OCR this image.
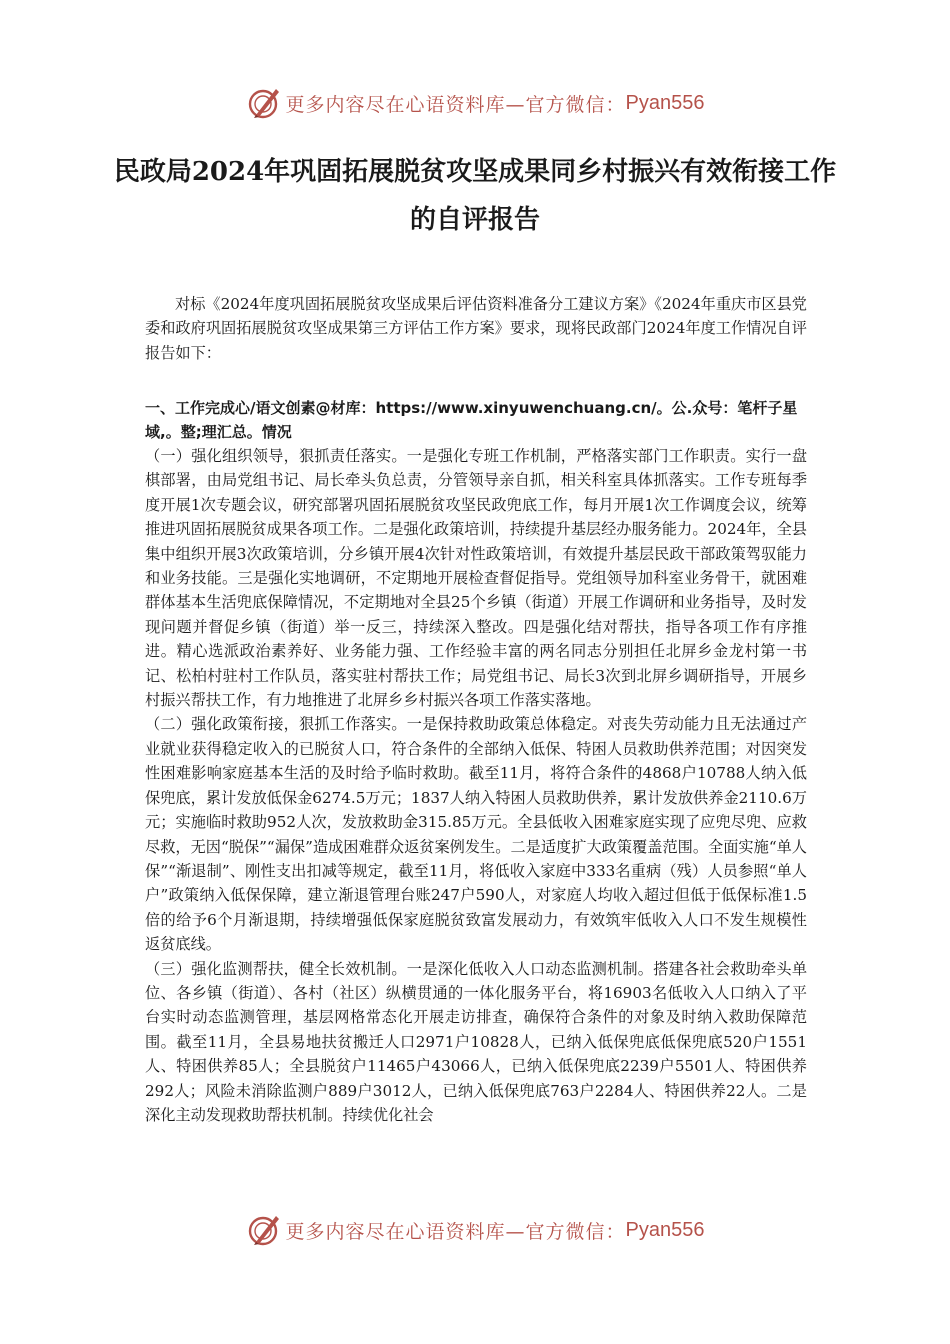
更多内容尽在心语资料库—官方微信： Pyan556
民政局2024年巩固拓展脱贫攻坚成果同乡村振兴有效衔接工作的自评报告
对标《2024年度巩固拓展脱贫攻坚成果后评估资料准备分工建议方案》《2024年重庆市区县党委和政府巩固拓展脱贫攻坚成果第三方评估工作方案》要求，现将民政部门2024年度工作情况自评报告如下：
一、工作完成心/语文创素@材库：https://www.xinyuwenchuang.cn/。公.众号：笔杆子星域,。整;理汇总。情况

（一）强化组织领导，狠抓责任落实。一是强化专班工作机制，严格落实部门工作职责。实行一盘棋部署，由局党组书记、局长牵头负总责，分管领导亲自抓，相关科室具体抓落实。工作专班每季度开展1次专题会议，研究部署巩固拓展脱贫攻坚民政兜底工作，每月开展1次工作调度会议，统筹推进巩固拓展脱贫成果各项工作。二是强化政策培训，持续提升基层经办服务能力。2024年，全县集中组织开展3次政策培训，分乡镇开展4次针对性政策培训，有效提升基层民政干部政策驾驭能力和业务技能。三是强化实地调研，不定期地开展检查督促指导。党组领导加科室业务骨干，就困难群体基本生活兜底保障情况，不定期地对全县25个乡镇（街道）开展工作调研和业务指导，及时发现问题并督促乡镇（街道）举一反三，持续深入整改。四是强化结对帮扶，指导各项工作有序推进。精心选派政治素养好、业务能力强、工作经验丰富的两名同志分别担任北屏乡金龙村第一书记、松柏村驻村工作队员，落实驻村帮扶工作；局党组书记、局长3次到北屏乡调研指导，开展乡村振兴帮扶工作，有力地推进了北屏乡乡村振兴各项工作落实落地。

（二）强化政策衔接，狠抓工作落实。一是保持救助政策总体稳定。对丧失劳动能力且无法通过产业就业获得稳定收入的已脱贫人口，符合条件的全部纳入低保、特困人员救助供养范围；对因突发性困难影响家庭基本生活的及时给予临时救助。截至11月，将符合条件的4868户10788人纳入低保兜底，累计发放低保金6274.5万元；1837人纳入特困人员救助供养，累计发放供养金2110.6万元；实施临时救助952人次，发放救助金315.85万元。全县低收入困难家庭实现了应兜尽兜、应救尽救，无因“脱保”“漏保”造成困难群众返贫案例发生。二是适度扩大政策覆盖范围。全面实施“单人保”“渐退制”、刚性支出扣减等规定，截至11月，将低收入家庭中333名重病（残）人员参照“单人户”政策纳入低保保障，建立渐退管理台账247户590人，对家庭人均收入超过但低于低保标准1.5倍的给予6个月渐退期，持续增强低保家庭脱贫致富发展动力，有效筑牢低收入人口不发生规模性返贫底线。

（三）强化监测帮扶，健全长效机制。一是深化低收入人口动态监测机制。搭建各社会救助牵头单位、各乡镇（街道）、各村（社区）纵横贯通的一体化服务平台，将16903名低收入人口纳入了平台实时动态监测管理，基层网格常态化开展走访排查，确保符合条件的对象及时纳入救助保障范围。截至11月，全县易地扶贫搬迁人口2971户10828人，已纳入低保兜底低保兜底520户1551人、特困供养85人；全县脱贫户11465户43066人，已纳入低保兜底2239户5501人、特困供养292人；风险未消除监测户889户3012人，已纳入低保兜底763户2284人、特困供养22人。二是深化主动发现救助帮扶机制。持续优化社会

更多内容尽在心语资料库—官方微信： Pyan556
